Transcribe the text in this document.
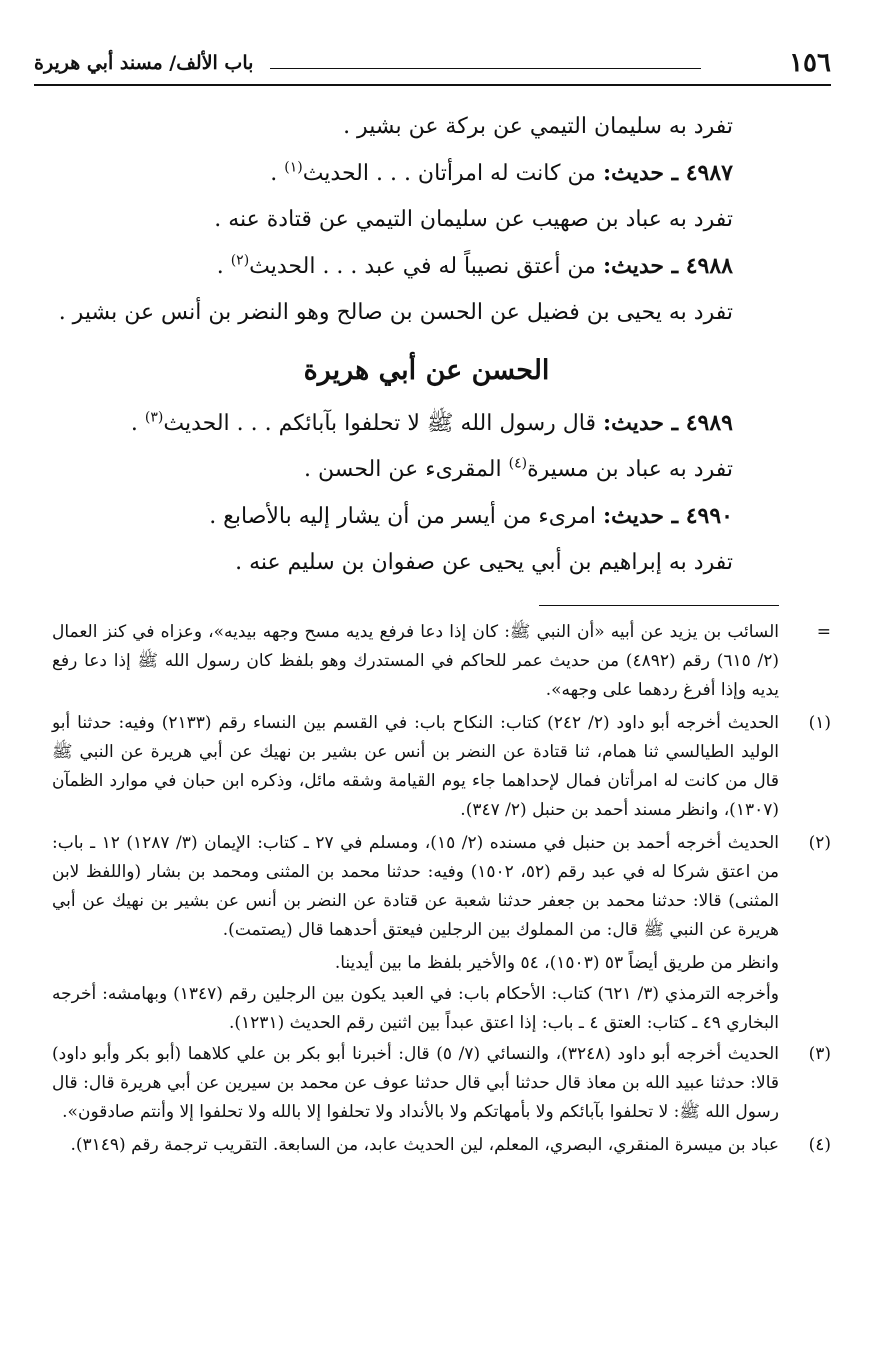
١٥٦
باب الألف/ مسند أبي هريرة
تفرد به سليمان التيمي عن بركة عن بشير .
٤٩٨٧ ـ حديث: من كانت له امرأتان . . . الحديث$^{(١)}$ .
تفرد به عباد بن صهيب عن سليمان التيمي عن قتادة عنه .
٤٩٨٨ ـ حديث: من أعتق نصيباً له في عبد . . . الحديث$^{(٢)}$ .
تفرد به يحيى بن فضيل عن الحسن بن صالح وهو النضر بن أنس عن بشير .
الحسن عن أبي هريرة
٤٩٨٩ ـ حديث: قال رسول الله ﷺ لا تحلفوا بآبائكم . . . الحديث$^{(٣)}$ .
تفرد به عباد بن مسيرة$^{(٤)}$ المقرىء عن الحسن .
٤٩٩٠ ـ حديث: امرىء من أيسر من أن يشار إليه بالأصابع .
تفرد به إبراهيم بن أبي يحيى عن صفوان بن سليم عنه .
=
السائب بن يزيد عن أبيه «أن النبي ﷺ: كان إذا دعا فرفع يديه مسح وجهه بيديه»، وعزاه في كنز العمال (٢/ ٦١٥) رقم (٤٨٩٢) من حديث عمر للحاكم في المستدرك وهو بلفظ كان رسول الله ﷺ إذا دعا رفع يديه وإذا أفرغ ردهما على وجهه».
(١)
الحديث أخرجه أبو داود (٢/ ٢٤٢) كتاب: النكاح باب: في القسم بين النساء رقم (٢١٣٣) وفيه: حدثنا أبو الوليد الطيالسي ثنا همام، ثنا قتادة عن النضر بن أنس عن بشير بن نهيك عن أبي هريرة عن النبي ﷺ قال من كانت له امرأتان فمال لإحداهما جاء يوم القيامة وشقه مائل، وذكره ابن حبان في موارد الظمآن (١٣٠٧)، وانظر مسند أحمد بن حنبل (٢/ ٣٤٧).
(٢)
الحديث أخرجه أحمد بن حنبل في مسنده (٢/ ١٥)، ومسلم في ٢٧ ـ كتاب: الإيمان (٣/ ١٢٨٧) ١٢ ـ باب: من اعتق شركا له في عبد رقم (٥٢، ١٥٠٢) وفيه: حدثنا محمد بن المثنى ومحمد بن بشار (واللفظ لابن المثنى) قالا: حدثنا محمد بن جعفر حدثنا شعبة عن قتادة عن النضر بن أنس عن بشير بن نهيك عن أبي هريرة عن النبي ﷺ قال: من المملوك بين الرجلين فيعتق أحدهما قال (يصتمت).
وانظر من طريق أيضاً ٥٣ (١٥٠٣)، ٥٤ والأخير بلفظ ما بين أيدينا.
وأخرجه الترمذي (٣/ ٦٢١) كتاب: الأحكام باب: في العبد يكون بين الرجلين رقم (١٣٤٧) وبهامشه: أخرجه البخاري ٤٩ ـ كتاب: العتق ٤ ـ باب: إذا اعتق عبداً بين اثنين رقم الحديث (١٢٣١).
(٣)
الحديث أخرجه أبو داود (٣٢٤٨)، والنسائي (٧/ ٥) قال: أخبرنا أبو بكر بن علي كلاهما (أبو بكر وأبو داود) قالا: حدثنا عبيد الله بن معاذ قال حدثنا أبي قال حدثنا عوف عن محمد بن سيرين عن أبي هريرة قال: قال رسول الله ﷺ: لا تحلفوا بآبائكم ولا بأمهاتكم ولا بالأنداد ولا تحلفوا إلا بالله ولا تحلفوا إلا وأنتم صادقون».
(٤)
عباد بن ميسرة المنقري، البصري، المعلم، لين الحديث عابد، من السابعة. التقريب ترجمة رقم (٣١٤٩).
